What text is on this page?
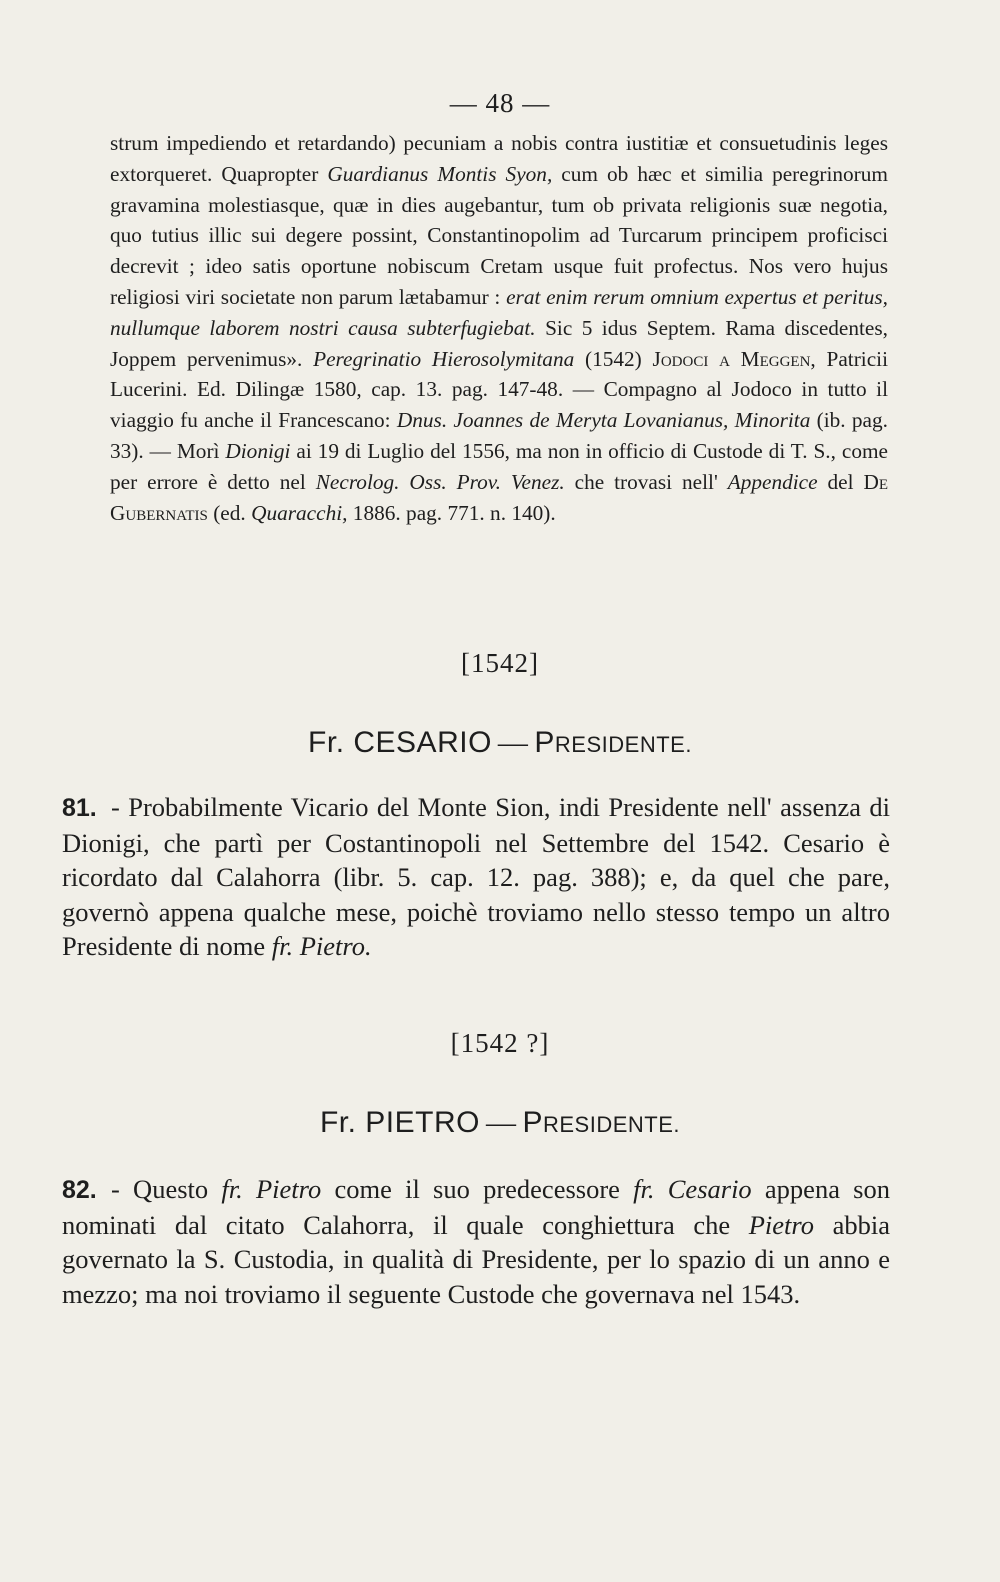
— 48 —

strum impediendo et retardando) pecuniam a nobis contra iustitiæ et consuetudinis leges extorqueret. Quapropter Guardianus Montis Syon, cum ob hæc et similia peregrinorum gravamina molestiasque, quæ in dies augebantur, tum ob privata religionis suæ negotia, quo tutius illic sui degere possint, Constantinopolim ad Turcarum principem proficisci decrevit ; ideo satis oportune nobiscum Cretam usque fuit profectus. Nos vero hujus religiosi viri societate non parum lætabamur : erat enim rerum omnium expertus et peritus, nullumque laborem nostri causa subterfugiebat. Sic 5 idus Septem. Rama discedentes, Joppem pervenimus». Peregrinatio Hierosolymitana (1542) Jodoci a Meggen, Patricii Lucerini. Ed. Dilingæ 1580, cap. 13. pag. 147-48. — Compagno al Jodoco in tutto il viaggio fu anche il Francescano: Dnus. Joannes de Meryta Lovanianus, Minorita (ib. pag. 33). — Morì Dionigi ai 19 di Luglio del 1556, ma non in officio di Custode di T. S., come per errore è detto nel Necrolog. Oss. Prov. Venez. che trovasi nell' Appendice del De Gubernatis (ed. Quaracchi, 1886. pag. 771. n. 140).

[1542]
Fr. CESARIO — PRESIDENTE.

81. - Probabilmente Vicario del Monte Sion, indi Presidente nell' assenza di Dionigi, che partì per Costantinopoli nel Settembre del 1542. Cesario è ricordato dal Calahorra (libr. 5. cap. 12. pag. 388); e, da quel che pare, governò appena qualche mese, poichè troviamo nello stesso tempo un altro Presidente di nome fr. Pietro.

[1542 ?]
Fr. PIETRO — PRESIDENTE.

82. - Questo fr. Pietro come il suo predecessore fr. Cesario appena son nominati dal citato Calahorra, il quale conghiettura che Pietro abbia governato la S. Custodia, in qualità di Presidente, per lo spazio di un anno e mezzo; ma noi troviamo il seguente Custode che governava nel 1543.
